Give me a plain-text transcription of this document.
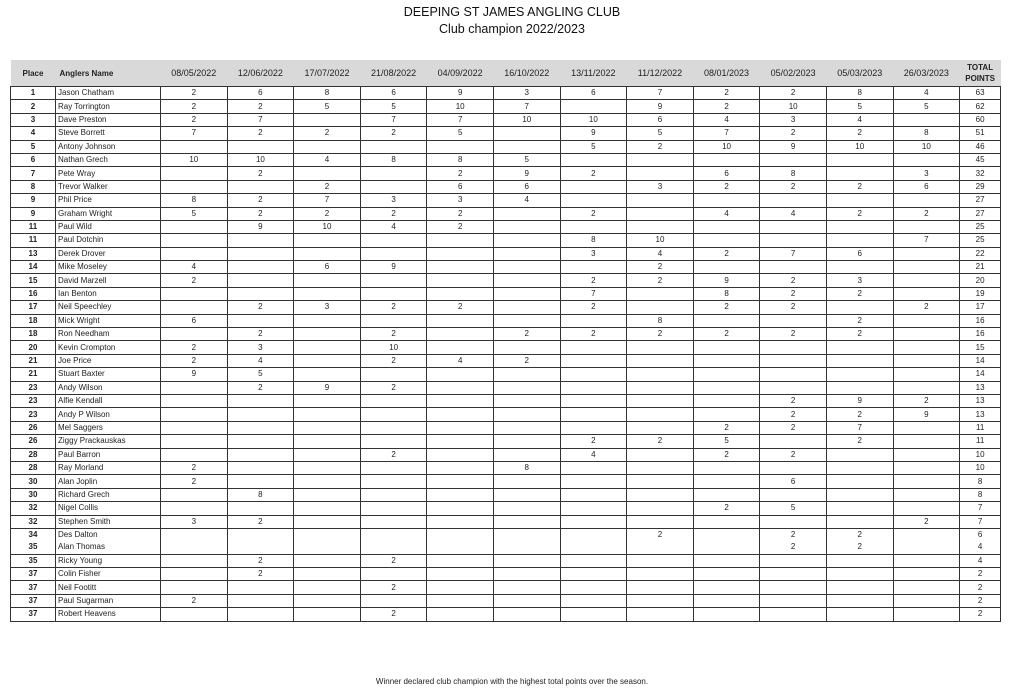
DEEPING ST JAMES ANGLING CLUB
Club champion 2022/2023
Place	Anglers Name	08/05/2022	12/06/2022	17/07/2022	21/08/2022	04/09/2022	16/10/2022	13/11/2022	11/12/2022	08/01/2023	05/02/2023	05/03/2023	26/03/2023	TOTAL
POINTS
1	Jason Chatham	2	6	8	6	9	3	6	7	2	2	8	4	63
2	Ray Torrington	2	2	5	5	10	7		9	2	10	5	5	62
3	Dave Preston	2	7		7	7	10	10	6	4	3	4		60
4	Steve Borrett	7	2	2	2	5		9	5	7	2	2	8	51
5	Antony Johnson							5	2	10	9	10	10	46
6	Nathan Grech	10	10	4	8	8	5							45
7	Pete Wray		2			2	9	2		6	8		3	32
8	Trevor Walker			2		6	6		3	2	2	2	6	29
9	Phil Price	8	2	7	3	3	4							27
9	Graham Wright	5	2	2	2	2		2		4	4	2	2	27
11	Paul Wild		9	10	4	2								25
11	Paul Dotchin							8	10				7	25
13	Derek Drover							3	4	2	7	6		22
14	Mike Moseley	4		6	9				2					21
15	David Marzell	2						2	2	9	2	3		20
16	Ian Benton							7		8	2	2		19
17	Neil Speechley		2	3	2	2		2		2	2		2	17
18	Mick Wright	6							8			2		16
18	Ron Needham		2		2		2	2	2	2	2	2		16
20	Kevin Crompton	2	3		10									15
21	Joe Price	2	4		2	4	2							14
21	Stuart Baxter	9	5											14
23	Andy Wilson		2	9	2									13
23	Alfie Kendall										2	9	2	13
23	Andy P Wilson										2	2	9	13
26	Mel Saggers									2	2	7		11
26	Ziggy Prackauskas							2	2	5		2		11
28	Paul Barron				2			4		2	2			10
28	Ray Morland	2					8							10
30	Alan Joplin	2									6			8
30	Richard Grech		8											8
32	Nigel Collis									2	5			7
32	Stephen Smith	3	2										2	7
34	Des Dalton								2		2	2		6
35	Alan Thomas										2	2		4
35	Ricky Young		2		2									4
37	Colin Fisher		2											2
37	Neil Footitt				2									2
37	Paul Sugarman	2												2
37	Robert Heavens				2									2
Winner declared club champion with the highest total points over the season.
